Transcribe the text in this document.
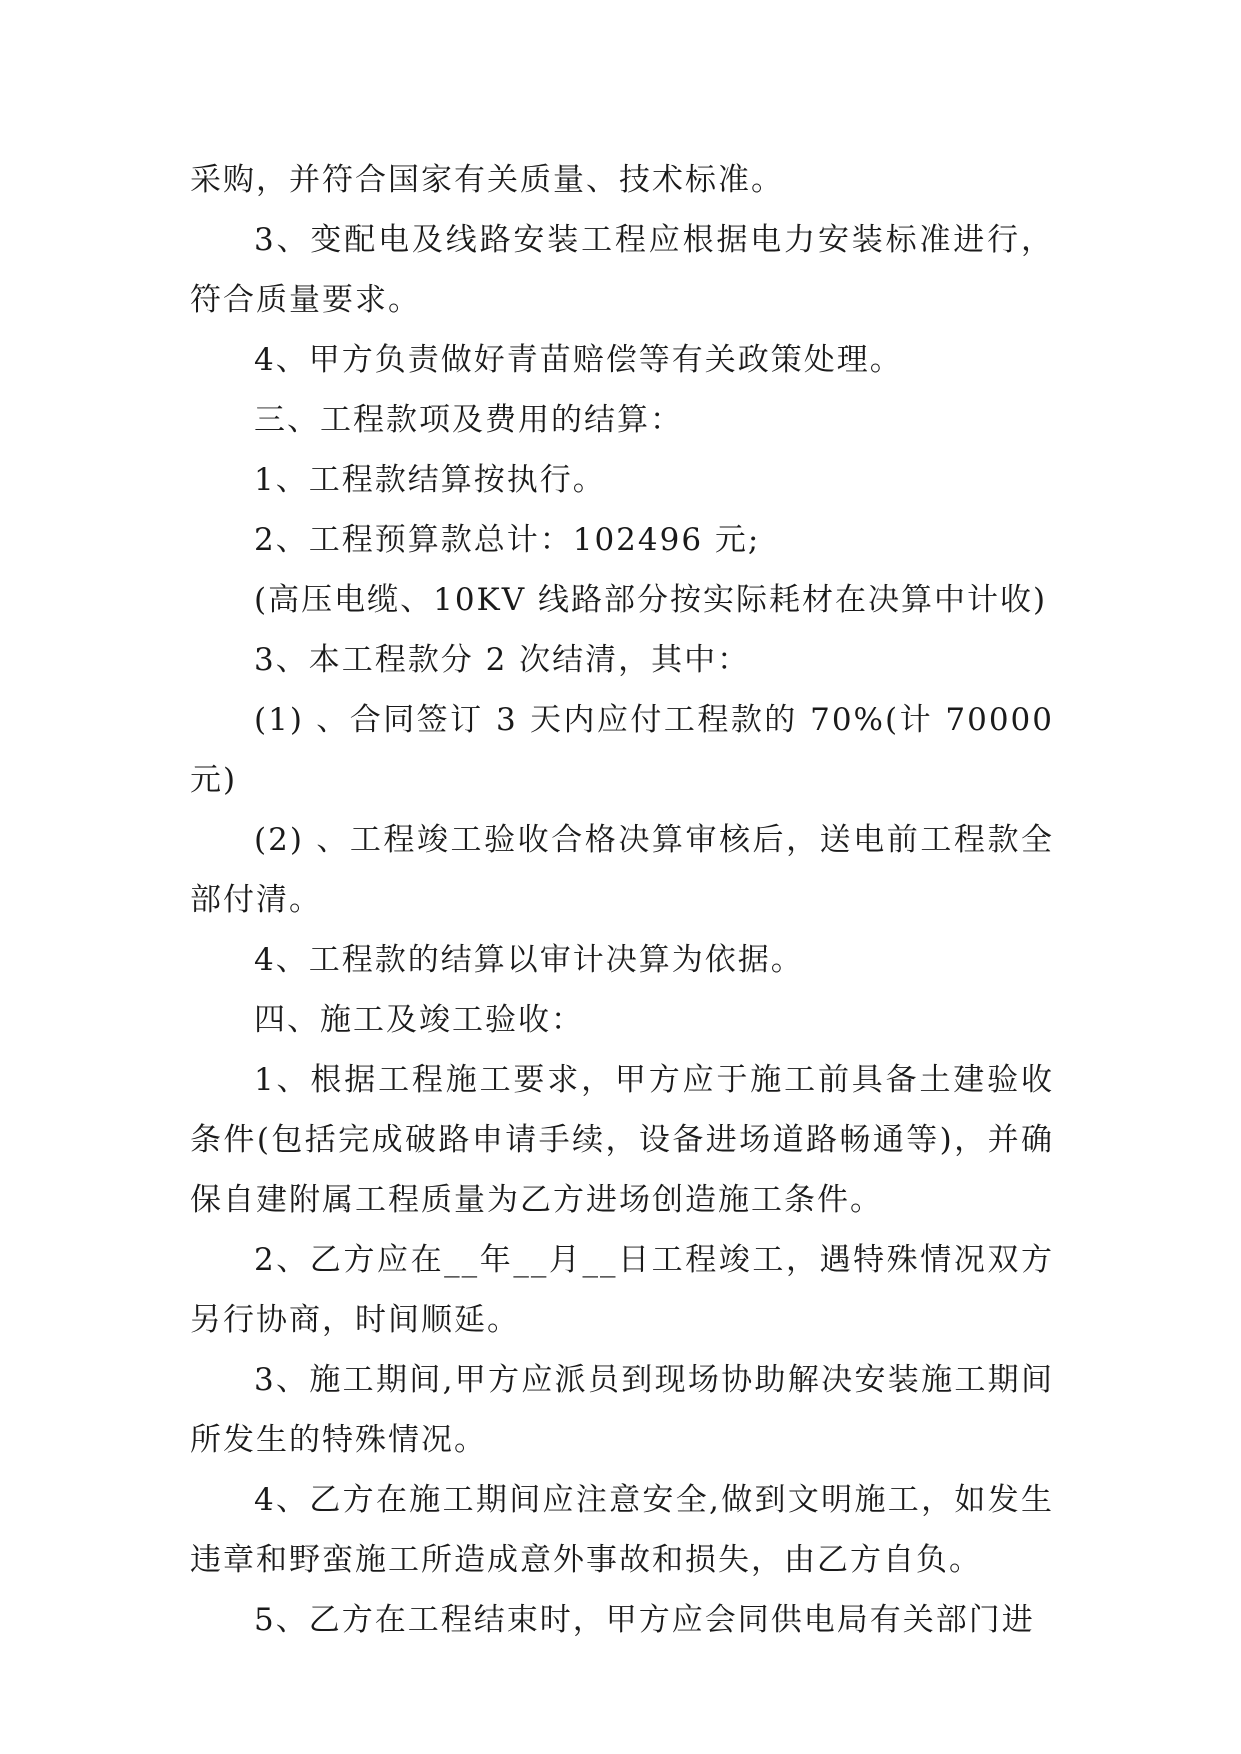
采购，并符合国家有关质量、技术标准。

3、变配电及线路安装工程应根据电力安装标准进行，符合质量要求。

4、甲方负责做好青苗赔偿等有关政策处理。

三、工程款项及费用的结算：

1、工程款结算按执行。

2、工程预算款总计：102496 元;

(高压电缆、10KV 线路部分按实际耗材在决算中计收)

3、本工程款分 2 次结清，其中：

(1) 、合同签订 3 天内应付工程款的 70%(计 70000 元)

(2) 、工程竣工验收合格决算审核后，送电前工程款全部付清。

4、工程款的结算以审计决算为依据。

四、施工及竣工验收：

1、根据工程施工要求，甲方应于施工前具备土建验收条件(包括完成破路申请手续，设备进场道路畅通等)，并确保自建附属工程质量为乙方进场创造施工条件。

2、乙方应在__年__月__日工程竣工，遇特殊情况双方另行协商，时间顺延。

3、施工期间,甲方应派员到现场协助解决安装施工期间所发生的特殊情况。

4、乙方在施工期间应注意安全,做到文明施工，如发生违章和野蛮施工所造成意外事故和损失，由乙方自负。

5、乙方在工程结束时，甲方应会同供电局有关部门进
